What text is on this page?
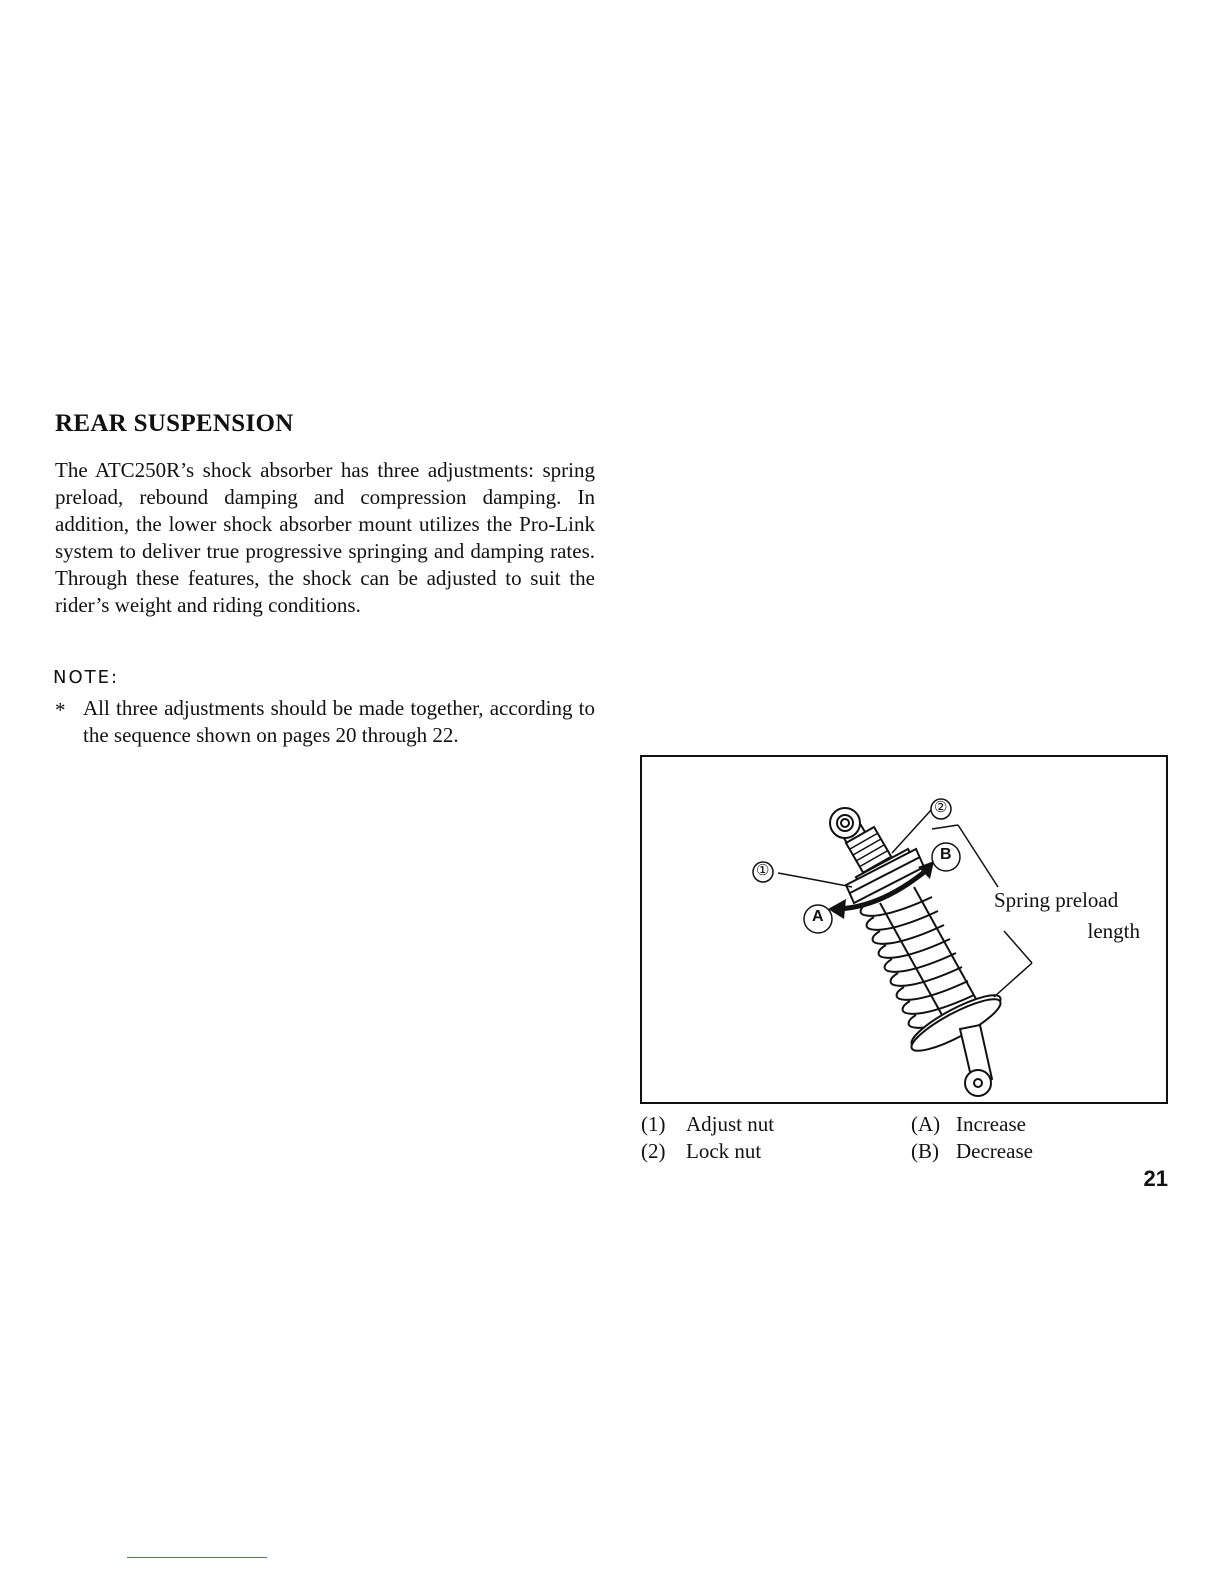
REAR SUSPENSION

The ATC250R’s shock absorber has three adjustments: spring preload, rebound damping and compression damping. In addition, the lower shock absorber mount utilizes the Pro-Link system to deliver true progressive springing and damping rates. Through these features, the shock can be adjusted to suit the rider’s weight and riding conditions.

NOTE:
* All three adjustments should be made together, according to the sequence shown on pages 20 through 22.
①
②
A
B
Spring preload
length
(1) Adjust nut
(2) Lock nut
(A) Increase
(B) Decrease
21
